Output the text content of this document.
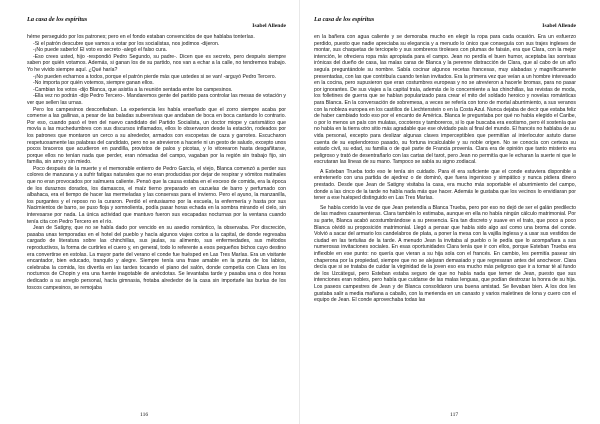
La casa de los espíritus
Isabel Allende

hérne perseguido por los patrones; pero en el fondo estaban convencidos de que hablaba tonterías.

-Si el patrón descubre que vamos a votar por los socialistas, nos jodimos -dijeron.

-¡No puede saberlo! El voto es secreto -alegó el falso cura.

-Eso crees usted, hijo -respondió Pedro Segundo, su padre-. Dicen que es secreto, pero después siempre saben por quién votamos. Además, si ganan los de su partido, nos van a echar a la calle, no tendremos trabajo. Yo he vivido siempre aquí. ¿Qué haría?

-¡No pueden echarnos a todos, porque el patrón pierde más que ustedes si se van! -arguyó Pedro Tercero.

-No importa por quién votemos, siempre ganan ellos.

-Cambian los votos -dijo Blanca, que asistía a la reunión sentada entre los campesinos.

-Ella vez no podrán -dijo Pedro Tercero-. Mandaremos gente del partido para controlar las mesas de votación y ver que sellen las urnas.

Pero los campesinos desconfiaban. La experiencia les había enseñado que el zorro siempre acaba por comerse a las gallinas, a pesar de las baladas subversivas que andaban de boca en boca cantando lo contrario. Por eso, cuando pasó el tren del nuevo candidato del Partido Socialista, un doctor miope y carismático que movía a las muchedumbres con sus discursos inflamados, ellos lo observaron desde la estación, rodeados por los patrones que montaron un cerco a su alrededor, armados con escopetas de caza y garrotes. Escucharon respetuosamente las palabras del candidato, pero no se atrevieron a hacerle ni un gesto de saludo, excepto unos pocos braceros que acudieron en pandilla, provistos de palos y picotas, y lo vitorearon hasta desgañitarse, porque ellos no tenían nada que perder, eran nómadas del campo, vagaban por la región sin trabajo fijo, sin familia, sin amo y sin miedo.

Poco después de la muerte y el memorable entierro de Pedro García, el viejo, Blanca comenzó a perder sus colores de manzana y a sufrir fatigas naturales que no eran producidas por dejar de respirar y vómitos matinales que no eran provocados por salmuera caliente. Pensó que la causa estaba en el exceso de comida, era la época de los duraznos dorados, los damascos, el maíz tierno preparado en cazuelas de barro y perfumado con albahaca, era el tiempo de hacer las mermeladas y las conservas para el invierno. Pero el ayuno, la manzanilla, los purgantes y el reposo no la curaron. Perdió el entusiasmo por la escuela, la enfermería y hasta por sus Nacimientos de barro, se puso floja y somnolienta, podía pasar horas echada en la sombra mirando el cielo, sin interesarse por nada. La única actividad que mantuvo fueron sus escapadas nocturnas por la ventana cuando tenía cita con Pedro Tercero en el río.

Jean de Satigny, que no se había dado por vencido en su asedio romántico, la observaba. Por discreción, pasaba unas temporadas en el hotel del pueblo y hacía algunos viajes cortos a la capital, de donde regresaba cargado de literatura sobre las chinchillas, sus jaulas, su alimento, sus enfermedades, sus métodos reproductivos, la forma de curtirles el cuero y, en general, todo lo referente a esos pequeños bichos cuyo destino era convertirse en estolas. La mayor parte del verano el conde fue huésped en Las Tres Marías. Era un visitante encantador, bien educado, tranquilo y alegre. Siempre tenía una frase amable en la punta de los labios, celebraba la comida, los divertía en las tardes tocando el piano del salón, donde competía con Clara en los nocturnos de Chopin y era una fuente inagotable de anécdotas. Se levantaba tarde y pasaba una o dos horas dedicado a su arreglo personal, hacía gimnasia, frotaba alrededor de la casa sin importarle las burlas de los toscos campesinos, se remojaba

116
La casa de los espíritus
Isabel Allende

en la bañera con agua caliente y se demoraba mucho en elegir la ropa para cada ocasión. Era un esfuerzo perdido, puesto que nadie apreciaba su elegancia y a menudo lo único que conseguía con sus trajes ingleses de montar, sus chaquetas de terciopelo y sus sombreros tiroleses con plumas de faisán, era que Clara, con la mejor intención, le ofreciera ropa más apropiada para el campo. Jean no perdía el buen humor, aceptaba las sonrisas irónicas del dueño de casa, las malas caras de Blanca y la perenne distracción de Clara, que al cabo de un año seguía preguntándole su nombre. Sabía cocinar algunos recetas francesas, muy alabadas y magníficamente presentadas, con las que contribuía cuando tenían invitados. Era la primera vez que veían a un hombre interesado en la cocina, pero supusieron que eran costumbres europeas y no se atrevieron a hacerle bromas, para no pasar por ignorantes. De sus viajes a la capital traía, además de lo concerniente a las chinchillas, las revistas de moda, los folletines de guerra que se habían popularizado para crear el mito del soldado heroico y novelas románticas para Blanca. En la conversación de sobremesa, a veces se refería con tono de mortal aburrimiento, a sus veranos con la nobleza europea en los castillos de Liechtenstein o en la Costa Azul. Nunca dejaba de decir que estaba feliz de haber cambiado todo eso por el encanto de América. Blanca le preguntaba por qué no había elegido el Caribe, o por lo menos un país con mulatas, cocoteros y tamboreros, si lo que buscaba era exotismo, pero él sostenía que no había en la tierra otro sitio más agradable que ese olvidado país al final del mundo. El francés no hablaba de su vida personal, excepto para deslizar algunas claves imperceptibles que permitían al interlocutor astuto darse cuenta de su esplendoroso pasado, su fortuna incalculable y su noble origen. No se conocía con certeza su estado civil, su edad, su familia o de qué parte de Francia provenía. Clara era de opinión que tanto misterio era peligroso y trató de desentrañarlo con las cartas del tarot, pero Jean no permitía que le echaran la suerte ni que le escrutaran las líneas de su mano. Tampoco se sabía su signo zodiacal.

A Esteban Trueba todo eso le tenía sin cuidado. Para él era suficiente que el conde estuviera disponible a entretenerlo con una partida de ajedrez o de dominó, que fuera ingenioso y simpático y nunca pidiera dinero prestado. Desde que Jean de Satigny visitaba la casa, era mucho más soportable el aburrimiento del campo, donde a las cinco de la tarde no había nada más que hacer. Además le gustaba que los vecinos lo envidiaran por tener a ese huésped distinguido en Las Tres Marías.

Se había corrido la voz de que Jean pretendía a Blanca Trueba, pero por eso no dejó de ser el galán predilecto de las madres casamenteras. Clara también lo estimaba, aunque en ella no había ningún cálculo matrimonial. Por su parte, Blanca acabó acostumbrándose a su presencia. Era tan discreto y suave en el trato, que poco a poco Blanca olvidó su proposición matrimonial. Llegó a pensar que había sido algo así como una broma del conde. Volvió a sacar del armario los candelabros de plata, a poner la mesa con la vajilla inglesa y a usar sus vestidos de ciudad en las tertulias de la tarde. A menudo Jean la invitaba al pueblo o le pedía que lo acompañara a sus numerosas invitaciones sociales. En esas oportunidades Clara tenía que ir con ellos, porque Esteban Trueba era inflexible en ese punto: no quería que vieran a su hija sola con el francés. En cambio, les permitía pasear sin chaperona por la propiedad, siempre que no se alejaran demasiado y que regresaran antes del anochecer. Clara decía que si se trataba de cuidar la virginidad de la joven eso era mucho más peligroso que ir a tomar té al fundo de los Uzcátegui, pero Esteban estaba seguro de que no había nada que temer de Jean, puesto que sus intenciones eran nobles, pero había que cuidarse de las malas lenguas, que podían destrozar la honra de su hija. Los paseos campestres de Jean y de Blanca consolidaron una buena amistad. Se llevaban bien. A los dos les gustaba salir a media mañana a caballo, con la merienda en un canasto y varios maletines de lona y cuero con el equipo de Jean. El conde aprovechaba todas las

117
